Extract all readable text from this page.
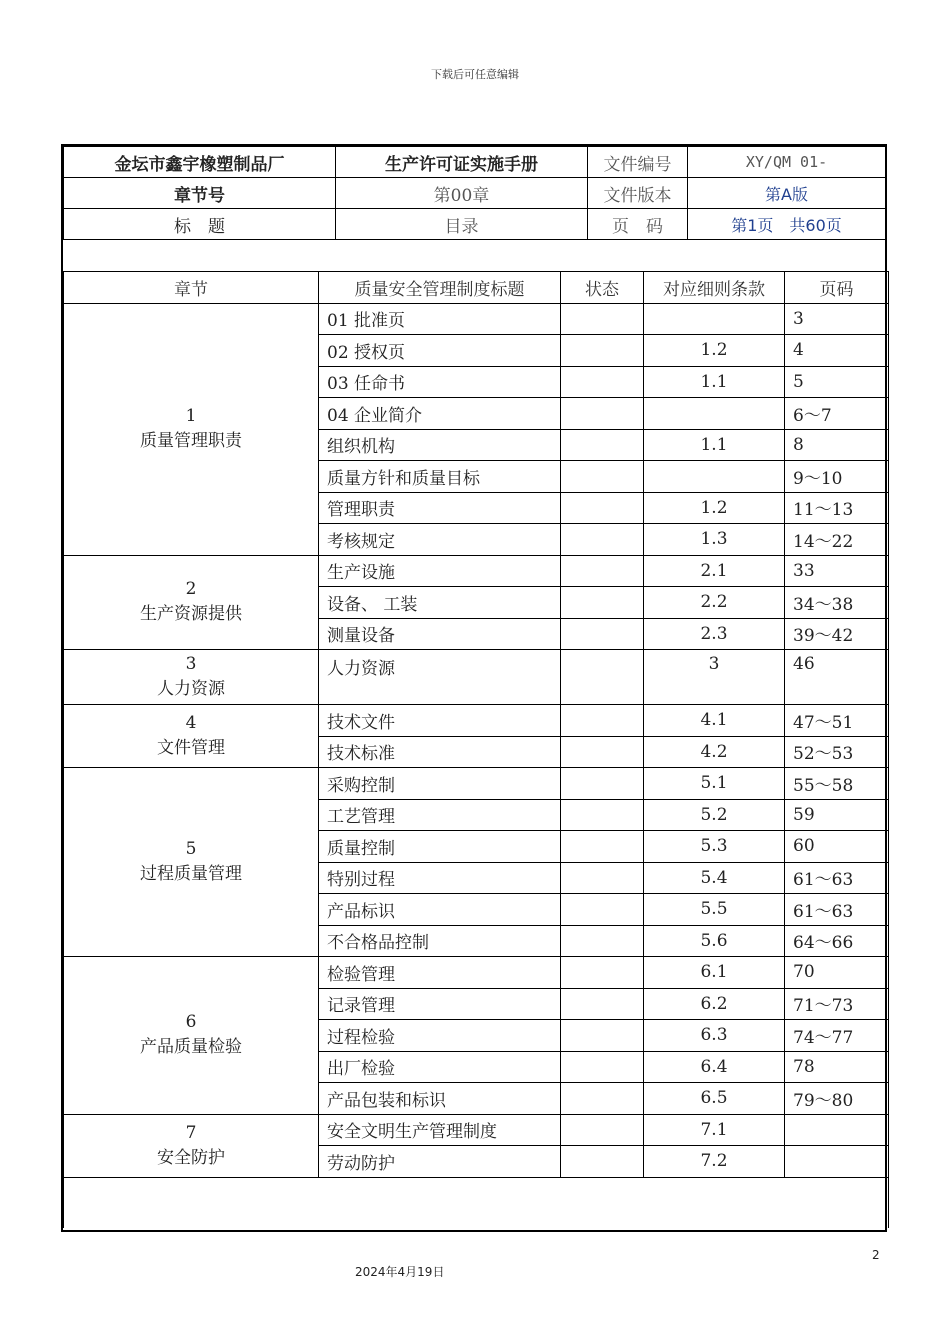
下载后可任意编辑
金坛市鑫宇橡塑制品厂	生产许可证实施手册	文件编号	XY/QM 01-
章节号	第00章	文件版本	第A版
标　题	目录	页　码	第1页　共60页
章节	质量安全管理制度标题	状态	对应细则条款	页码

1
质量管理职责	01 批准页			3
	02 授权页		1.2	4
	03 任命书		1.1	5
	04 企业简介			6～7
	组织机构		1.1	8
	质量方针和质量目标			9～10
	管理职责		1.2	11～13
	考核规定		1.3	14～22

2
生产资源提供	生产设施		2.1	33
	设备、 工装		2.2	34～38
	测量设备		2.3	39～42

3
人力资源	人力资源		3	46

4
文件管理	技术文件		4.1	47～51
	技术标准		4.2	52～53

5
过程质量管理	采购控制		5.1	55～58
	工艺管理		5.2	59
	质量控制		5.3	60
	特别过程		5.4	61～63
	产品标识		5.5	61～63
	不合格品控制		5.6	64～66

6
产品质量检验	检验管理		6.1	70
	记录管理		6.2	71～73
	过程检验		6.3	74～77
	出厂检验		6.4	78
	产品包装和标识		6.5	79～80

7
安全防护	安全文明生产管理制度		7.1	
	劳动防护		7.2	

2
2024年4月19日
